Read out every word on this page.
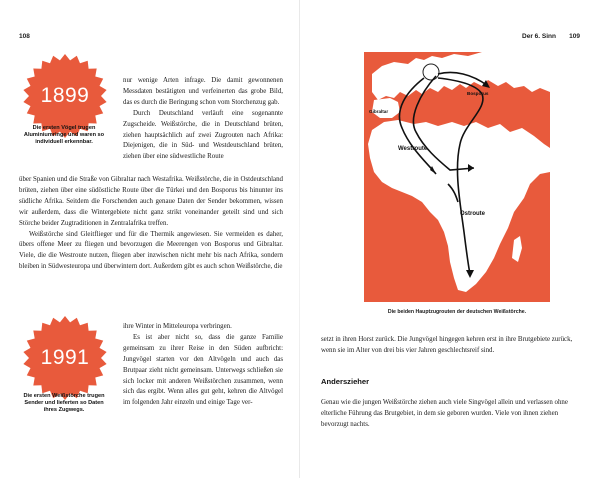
108	Der 6. Sinn 109
1899
Die ersten Vögel trugen Aluminiumringe und waren so individuell erkennbar.
1991
Die ersten Weißstörche trugen Sender und lieferten so Daten ihres Zugwegs.

nur wenige Arten infrage. Die damit gewonnenen Messdaten bestätigten und verfeinerten das grobe Bild, das es durch die Beringung schon vom Storchenzug gab.

Durch Deutschland verläuft eine sogenannte Zugscheide. Weißstörche, die in Deutschland brüten, ziehen hauptsächlich auf zwei Zugrouten nach Afrika: Diejenigen, die in Süd- und Westdeutschland brüten, ziehen über eine südwestliche Route

über Spanien und die Straße von Gibraltar nach Westafrika. Weißstörche, die in Ostdeutschland brüten, ziehen über eine südöstliche Route über die Türkei und den Bosporus bis hinunter ins südliche Afrika. Seitdem die Forschenden auch genaue Daten der Sender bekommen, wissen wir außerdem, dass die Wintergebiete nicht ganz strikt voneinander geteilt sind und sich Störche beider Zugtraditionen in Zentralafrika treffen.

Weißstörche sind Gleitflieger und für die Thermik angewiesen. Sie vermeiden es daher, übers offene Meer zu fliegen und bevorzugen die Meerengen von Bosporus und Gibraltar. Viele, die die Westroute nutzen, fliegen aber inzwischen nicht mehr bis nach Afrika, sondern bleiben in Südwesteuropa und überwintern dort. Außerdem gibt es auch schon Weißstörche, die

ihre Winter in Mitteleuropa verbringen.

Es ist aber nicht so, dass die ganze Familie gemeinsam zu ihrer Reise in den Süden aufbricht: Jungvögel starten vor den Altvögeln und auch das Brutpaar zieht nicht gemeinsam. Unterwegs schließen sie sich locker mit anderen Weißstörchen zusammen, wenn sich das ergibt. Wenn alles gut geht, kehren die Altvögel im folgenden Jahr einzeln und einige Tage ver-

Gibraltar
Bosporus
Westroute
Ostroute
Die beiden Hauptzugrouten der deutschen Weißstörche.

setzt in ihren Horst zurück. Die Jungvögel hingegen kehren erst in ihre Brutgebiete zurück, wenn sie im Alter von drei bis vier Jahren geschlechtsreif sind.

Anderszieher

Genau wie die jungen Weißstörche ziehen auch viele Singvögel allein und verlassen ohne elterliche Führung das Brutgebiet, in dem sie geboren wurden. Viele von ihnen ziehen bevorzugt nachts.
